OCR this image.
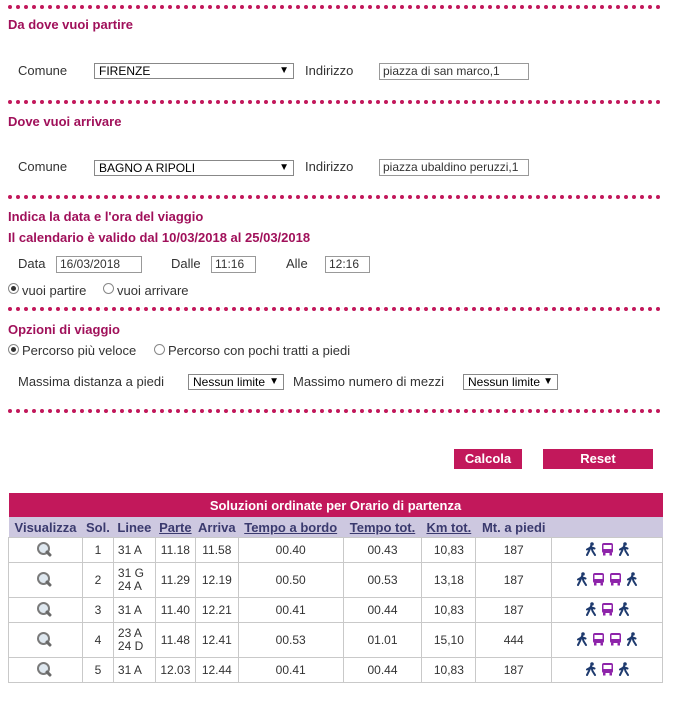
Da dove vuoi partire
Comune	FIRENZE	▼ Indirizzo	piazza di san marco,1
Dove vuoi arrivare
Comune	BAGNO A RIPOLI	▼ Indirizzo	piazza ubaldino peruzzi,1
Indica la data e l'ora del viaggio
Il calendario è valido dal 10/03/2018 al 25/03/2018
Data	16/03/2018	Dalle	11:16	Alle	12:16
vuoi partire vuoi arrivare
Opzioni di viaggio
Percorso più veloce Percorso con pochi tratti a piedi
Massima distanza a piedi	Nessun limite ▼ Massimo numero di mezzi	Nessun limite ▼
Calcola	Reset
Soluzioni ordinate per Orario di partenza									
Visualizza	Sol.	Linee	Parte	Arriva	Tempo a bordo	Tempo tot.	Km tot.	Mt. a piedi	

	1	31 A	11.18	11.58	00.40	00.43	10,83	187	

	2	31 G
24 A	11.29	12.19	00.50	00.53	13,18	187	

	3	31 A	11.40	12.21	00.41	00.44	10,83	187	

	4	23 A
24 D	11.48	12.41	00.53	01.01	15,10	444	

	5	31 A	12.03	12.44	00.41	00.44	10,83	187	
